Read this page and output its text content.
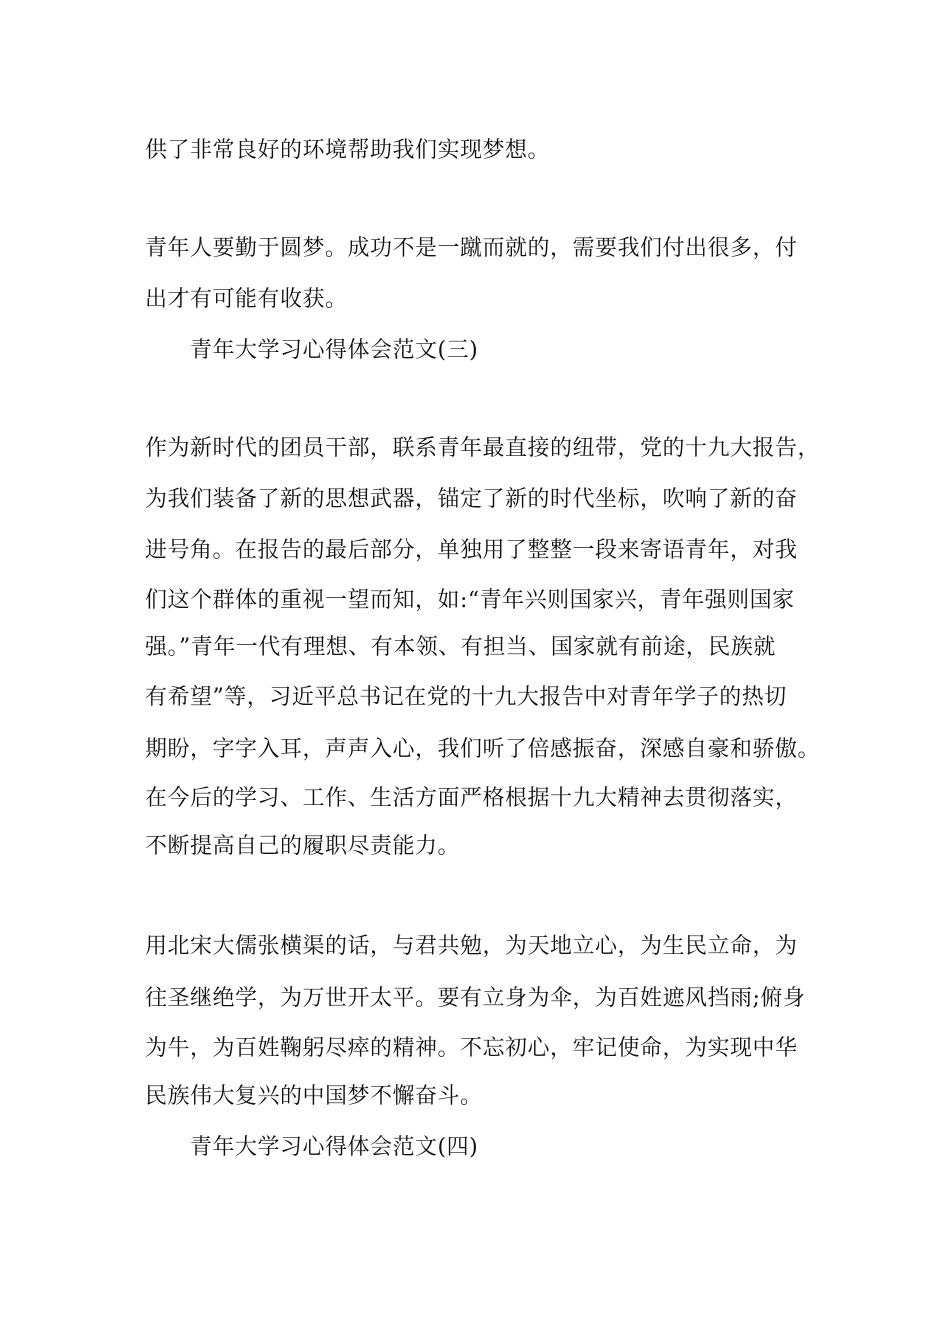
供了非常良好的环境帮助我们实现梦想。
青年人要勤于圆梦。成功不是一蹴而就的，需要我们付出很多，付
出才有可能有收获。
青年大学习心得体会范文(三)
作为新时代的团员干部，联系青年最直接的纽带，党的十九大报告，
为我们装备了新的思想武器，锚定了新的时代坐标，吹响了新的奋
进号角。在报告的最后部分，单独用了整整一段来寄语青年，对我
们这个群体的重视一望而知，如:“青年兴则国家兴，青年强则国家
强。”青年一代有理想、有本领、有担当、国家就有前途，民族就
有希望”等，习近平总书记在党的十九大报告中对青年学子的热切
期盼，字字入耳，声声入心，我们听了倍感振奋，深感自豪和骄傲。
在今后的学习、工作、生活方面严格根据十九大精神去贯彻落实，
不断提高自己的履职尽责能力。
用北宋大儒张横渠的话，与君共勉，为天地立心，为生民立命，为
往圣继绝学，为万世开太平。要有立身为伞，为百姓遮风挡雨;俯身
为牛，为百姓鞠躬尽瘁的精神。不忘初心，牢记使命，为实现中华
民族伟大复兴的中国梦不懈奋斗。
青年大学习心得体会范文(四)
